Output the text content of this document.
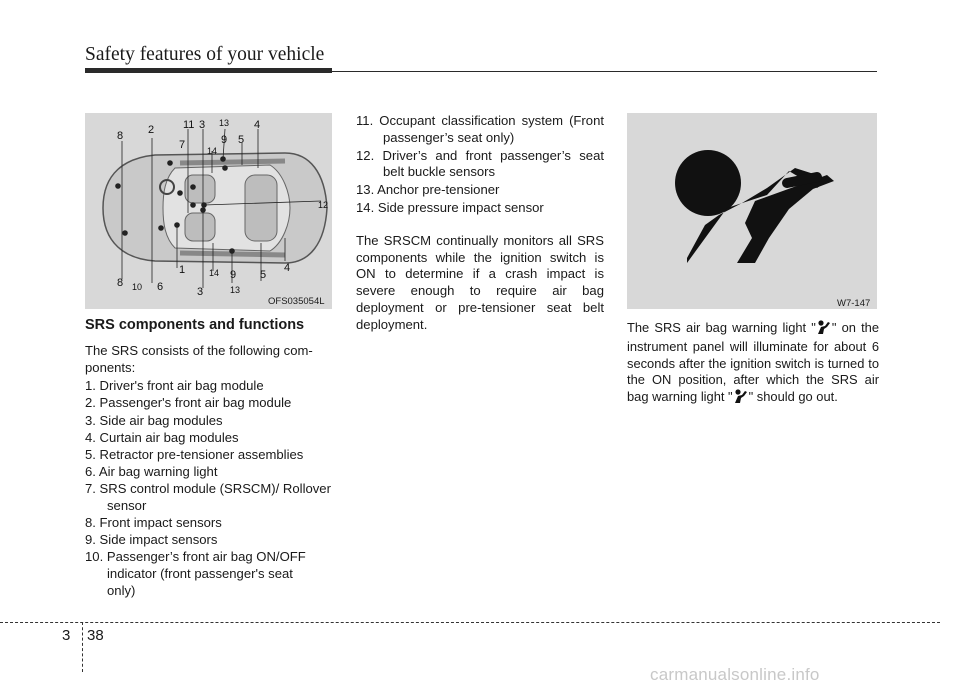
Safety features of your vehicle
8 2	11 3 13 4
7	9 5
14
12
8 10 6
1	14 9 5
4
3	13
OFS035054L

SRS components and functions

The SRS consists of the following com-ponents:

1. Driver's front air bag module

2. Passenger's front air bag module

3. Side air bag modules

4. Curtain air bag modules

5. Retractor pre-tensioner assemblies

6. Air bag warning light

7. SRS control module (SRSCM)/ Rollover sensor

8. Front impact sensors

9. Side impact sensors

10. Passenger’s front air bag ON/OFF indicator (front passenger's seat only)

11. Occupant classification system (Front passenger’s seat only)

12. Driver’s and front passenger’s seat belt buckle sensors

13. Anchor pre-tensioner

14. Side pressure impact sensor

The SRSCM continually monitors all SRS components while the ignition switch is ON to determine if a crash impact is severe enough to require air bag deployment or pre-tensioner seat belt deployment.

W7-147

The SRS air bag warning light " " on the instrument panel will illuminate for about 6 seconds after the ignition switch is turned to the ON position, after which the SRS air bag warning light " " should go out.

3 38
carmanualsonline.info
